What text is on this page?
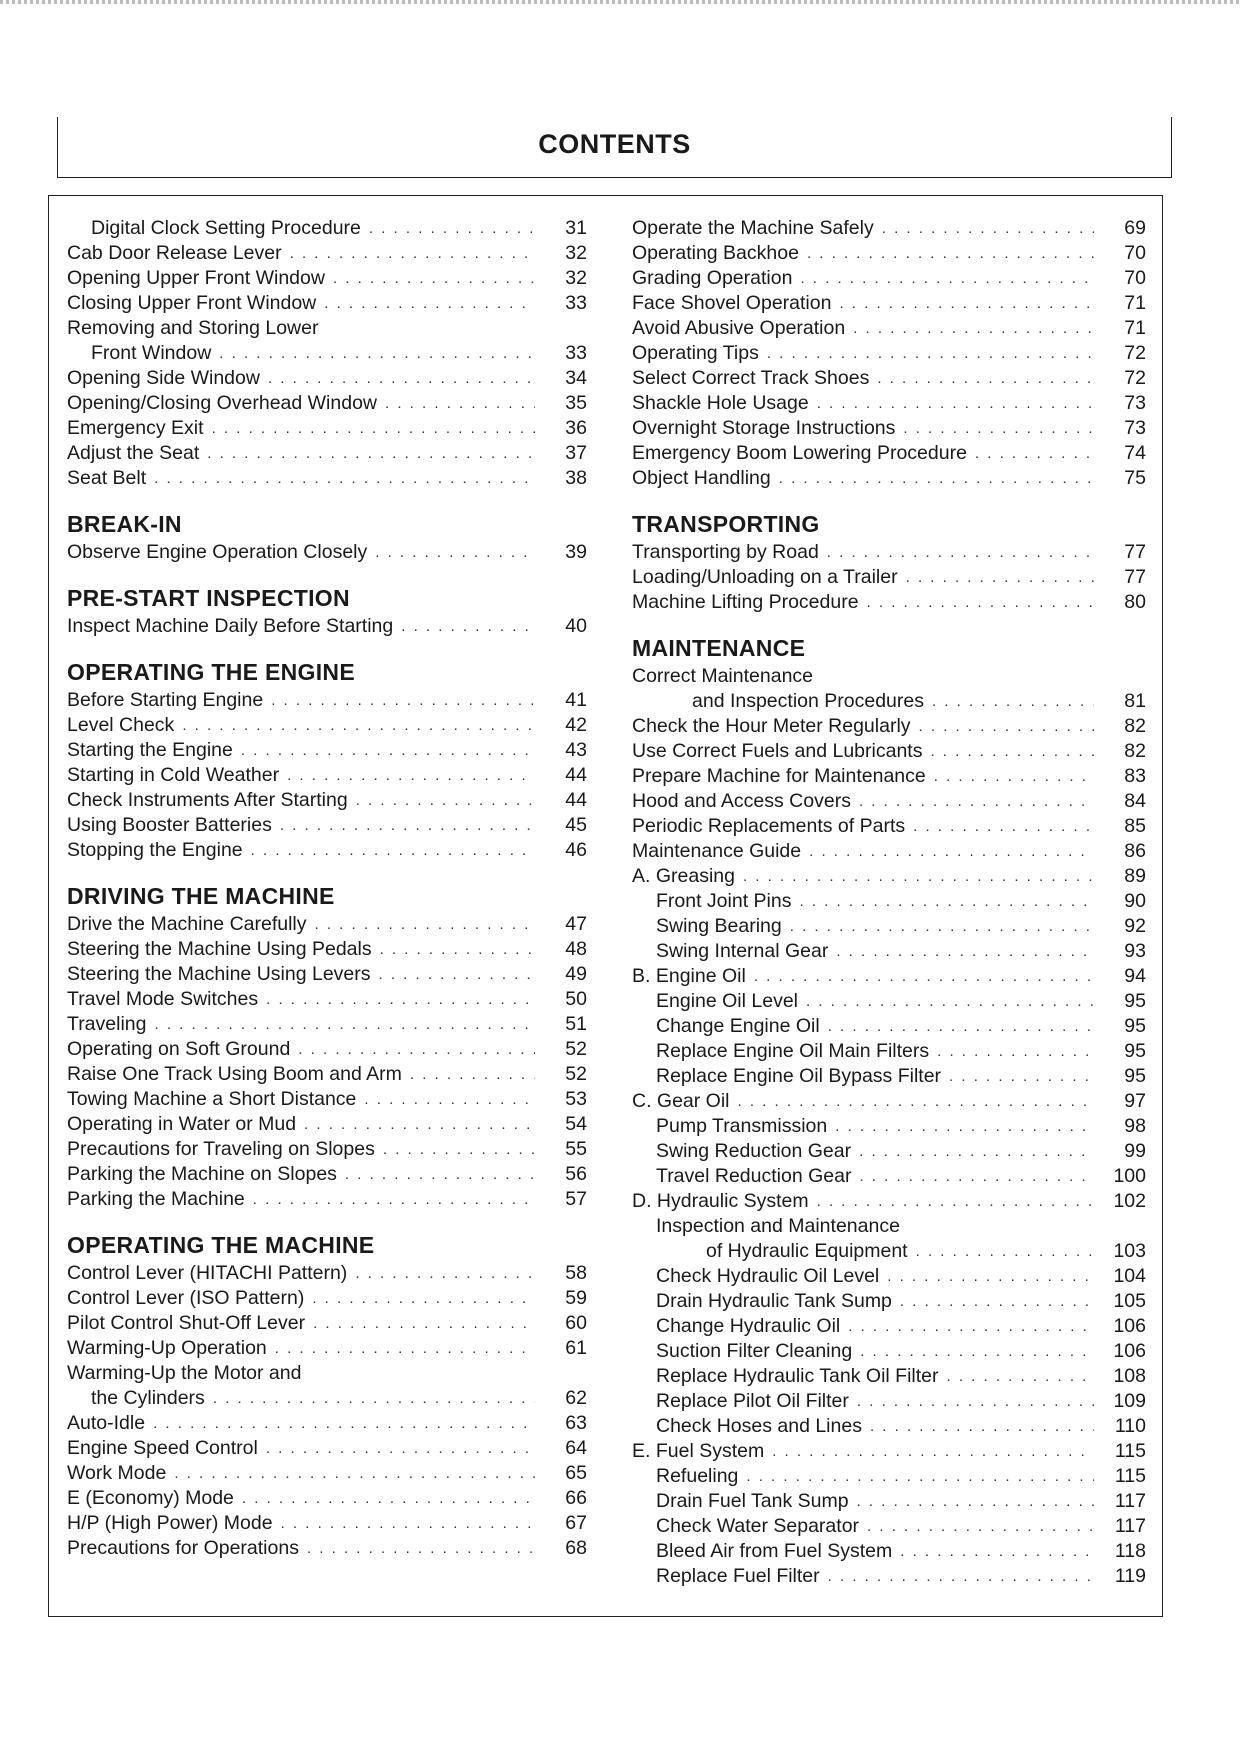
CONTENTS
Digital Clock Setting Procedure . . .	31
Cab Door Release Lever . . .	32
Opening Upper Front Window . . .	32
Closing Upper Front Window . . .	33
Removing and Storing Lower
Front Window . . .	33
Opening Side Window . . .	34
Opening/Closing Overhead Window . . .	35
Emergency Exit . . .	36
Adjust the Seat . . .	37
Seat Belt . . .	38
BREAK-IN
Observe Engine Operation Closely . . .	39
PRE-START INSPECTION
Inspect Machine Daily Before Starting . . .	40
OPERATING THE ENGINE
Before Starting Engine . . .	41
Level Check . . .	42
Starting the Engine . . .	43
Starting in Cold Weather . . .	44
Check Instruments After Starting . . .	44
Using Booster Batteries . . .	45
Stopping the Engine . . .	46
DRIVING THE MACHINE
Drive the Machine Carefully . . .	47
Steering the Machine Using Pedals . . .	48
Steering the Machine Using Levers . . .	49
Travel Mode Switches . . .	50
Traveling . . .	51
Operating on Soft Ground . . .	52
Raise One Track Using Boom and Arm . . .	52
Towing Machine a Short Distance . . .	53
Operating in Water or Mud . . .	54
Precautions for Traveling on Slopes . . .	55
Parking the Machine on Slopes . . .	56
Parking the Machine . . .	57
OPERATING THE MACHINE
Control Lever (HITACHI Pattern) . . .	58
Control Lever (ISO Pattern) . . .	59
Pilot Control Shut-Off Lever . . .	60
Warming-Up Operation . . .	61
Warming-Up the Motor and
the Cylinders . . .	62
Auto-Idle . . .	63
Engine Speed Control . . .	64
Work Mode . . .	65
E (Economy) Mode . . .	66
H/P (High Power) Mode . . .	67
Precautions for Operations . . .	68
Operate the Machine Safely . . .	69
Operating Backhoe . . .	70
Grading Operation . . .	70
Face Shovel Operation . . .	71
Avoid Abusive Operation . . .	71
Operating Tips . . .	72
Select Correct Track Shoes . . .	72
Shackle Hole Usage . . .	73
Overnight Storage Instructions . . .	73
Emergency Boom Lowering Procedure . . .	74
Object Handling . . .	75
TRANSPORTING
Transporting by Road . . .	77
Loading/Unloading on a Trailer . . .	77
Machine Lifting Procedure . . .	80
MAINTENANCE
Correct Maintenance
and Inspection Procedures . . .	81
Check the Hour Meter Regularly . . .	82
Use Correct Fuels and Lubricants . . .	82
Prepare Machine for Maintenance . . .	83
Hood and Access Covers . . .	84
Periodic Replacements of Parts . . .	85
Maintenance Guide . . .	86
A. Greasing . . .	89
Front Joint Pins . . .	90
Swing Bearing . . .	92
Swing Internal Gear . . .	93
B. Engine Oil . . .	94
Engine Oil Level . . .	95
Change Engine Oil . . .	95
Replace Engine Oil Main Filters . . .	95
Replace Engine Oil Bypass Filter . . .	95
C. Gear Oil . . .	97
Pump Transmission . . .	98
Swing Reduction Gear . . .	99
Travel Reduction Gear . . .	100
D. Hydraulic System . . .	102
Inspection and Maintenance
of Hydraulic Equipment . . .	103
Check Hydraulic Oil Level . . .	104
Drain Hydraulic Tank Sump . . .	105
Change Hydraulic Oil . . .	106
Suction Filter Cleaning . . .	106
Replace Hydraulic Tank Oil Filter . . .	108
Replace Pilot Oil Filter . . .	109
Check Hoses and Lines . . .	110
E. Fuel System . . .	115
Refueling . . .	115
Drain Fuel Tank Sump . . .	117
Check Water Separator . . .	117
Bleed Air from Fuel System . . .	118
Replace Fuel Filter . . .	119
